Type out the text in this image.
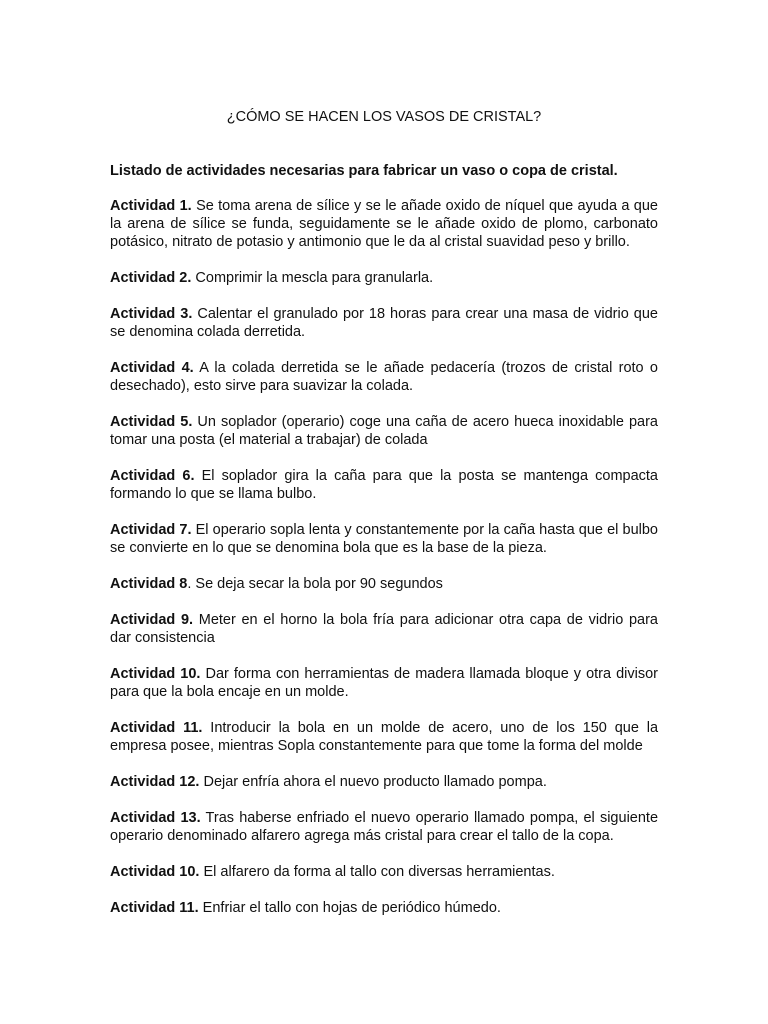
¿CÓMO SE HACEN LOS VASOS DE CRISTAL?

Listado de actividades necesarias para fabricar un vaso o copa de cristal.

Actividad 1. Se toma arena de sílice y se le añade oxido de níquel que ayuda a que la arena de sílice se funda, seguidamente se le añade oxido de plomo, carbonato potásico, nitrato de potasio y antimonio que le da al cristal suavidad peso y brillo.

Actividad 2. Comprimir la mescla para granularla.

Actividad 3. Calentar el granulado por 18 horas para crear una masa de vidrio que se denomina colada derretida.

Actividad 4. A la colada derretida se le añade pedacería (trozos de cristal roto o desechado), esto sirve para suavizar la colada.

Actividad 5. Un soplador (operario) coge una caña de acero hueca inoxidable para tomar una posta (el material a trabajar) de colada

Actividad 6. El soplador gira la caña para que la posta se mantenga compacta formando lo que se llama bulbo.

Actividad 7. El operario sopla lenta y constantemente por la caña hasta que el bulbo se convierte en lo que se denomina bola que es la base de la pieza.

Actividad 8. Se deja secar la bola por 90 segundos

Actividad 9. Meter en el horno la bola fría para adicionar otra capa de vidrio para dar consistencia

Actividad 10. Dar forma con herramientas de madera llamada bloque y otra divisor para que la bola encaje en un molde.

Actividad 11. Introducir la bola en un molde de acero, uno de los 150 que la empresa posee, mientras Sopla constantemente para que tome la forma del molde

Actividad 12. Dejar enfría ahora el nuevo producto llamado pompa.

Actividad 13. Tras haberse enfriado el nuevo operario llamado pompa, el siguiente operario denominado alfarero agrega más cristal para crear el tallo de la copa.

Actividad 10. El alfarero da forma al tallo con diversas herramientas.

Actividad 11. Enfriar el tallo con hojas de periódico húmedo.
